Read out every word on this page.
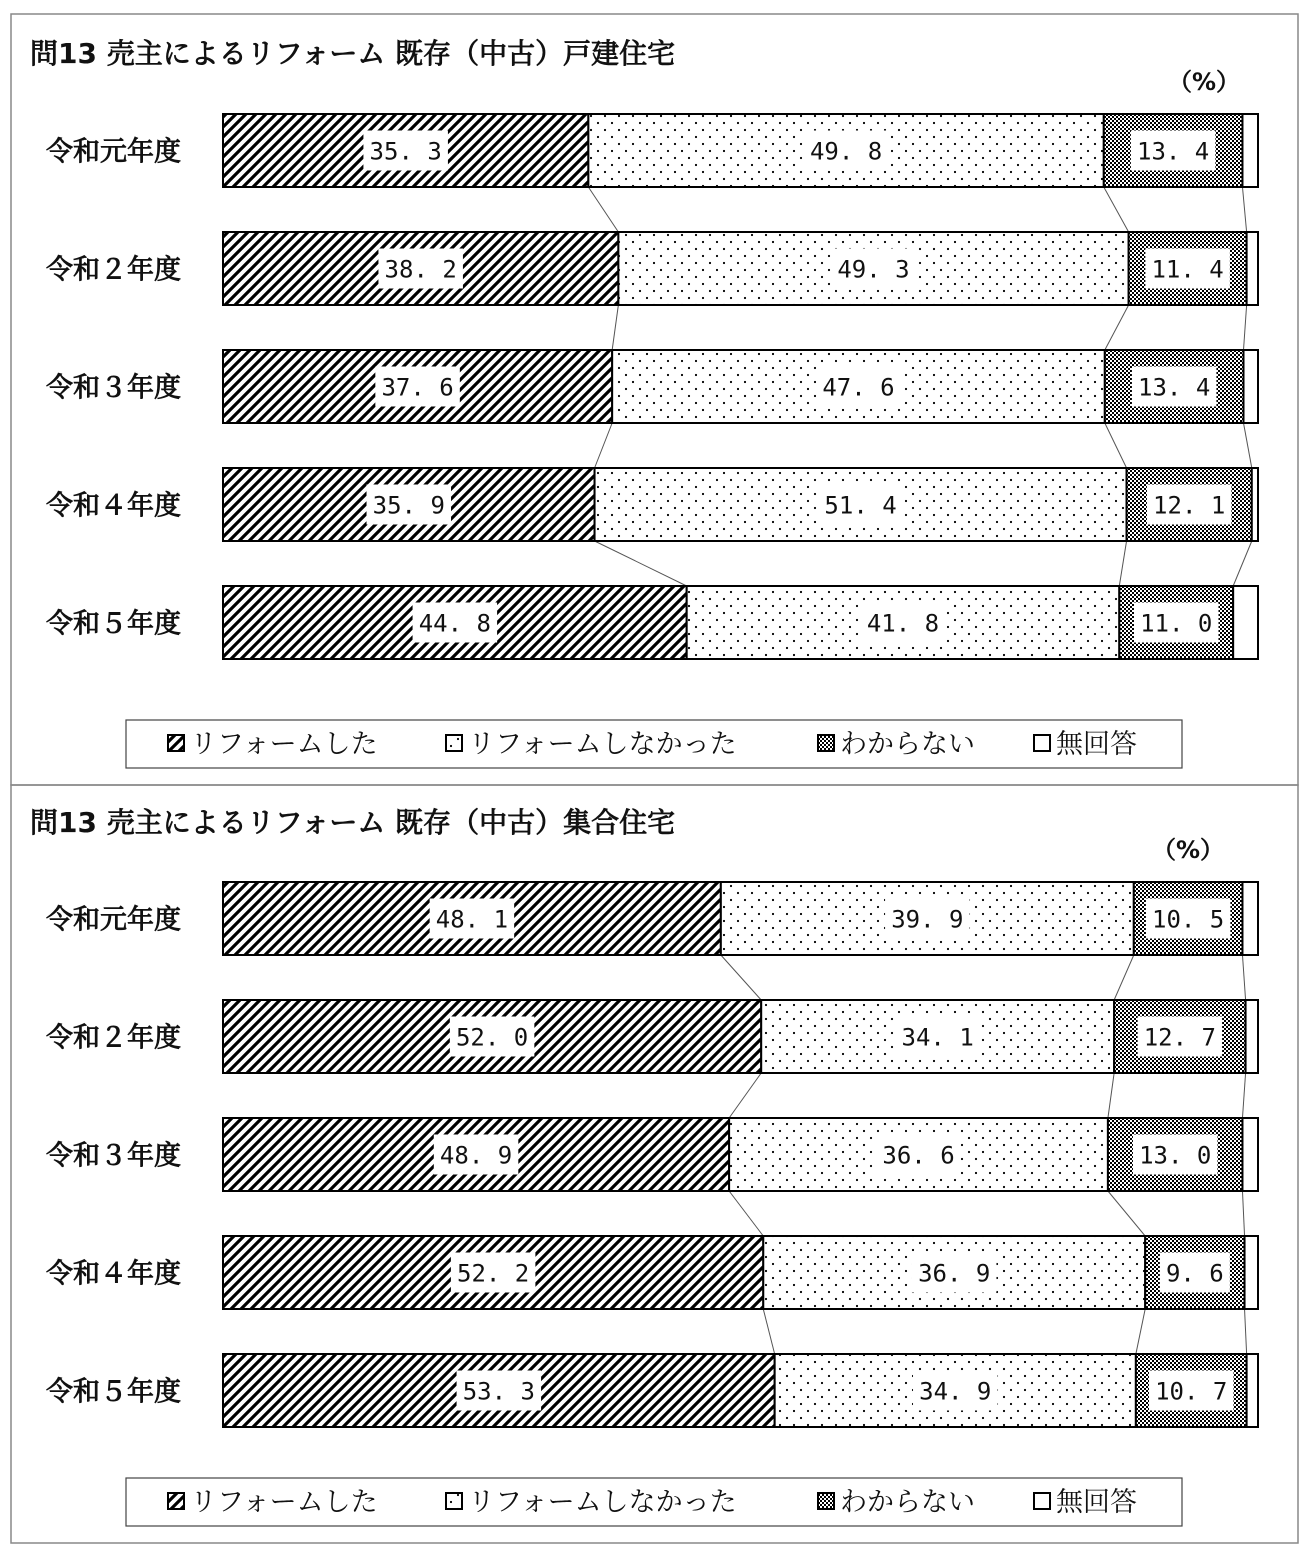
問13 売主によるリフォーム 既存（中古）戸建住宅
（%）
令和元年度	35. 3	49. 8	13. 4
令和２年度	38. 2	49. 3	11. 4
令和３年度	37. 6	47. 6	13. 4
令和４年度	35. 9	51. 4	12. 1
令和５年度	44. 8	41. 8	11. 0
リフォームした	リフォームしなかった	わからない	無回答
問13 売主によるリフォーム 既存（中古）集合住宅
（%）
令和元年度	48. 1	39. 9	10. 5
令和２年度	52. 0	34. 1	12. 7
令和３年度	48. 9	36. 6	13. 0
令和４年度	52. 2	36. 9	9. 6
令和５年度	53. 3	34. 9	10. 7
リフォームした	リフォームしなかった	わからない	無回答
